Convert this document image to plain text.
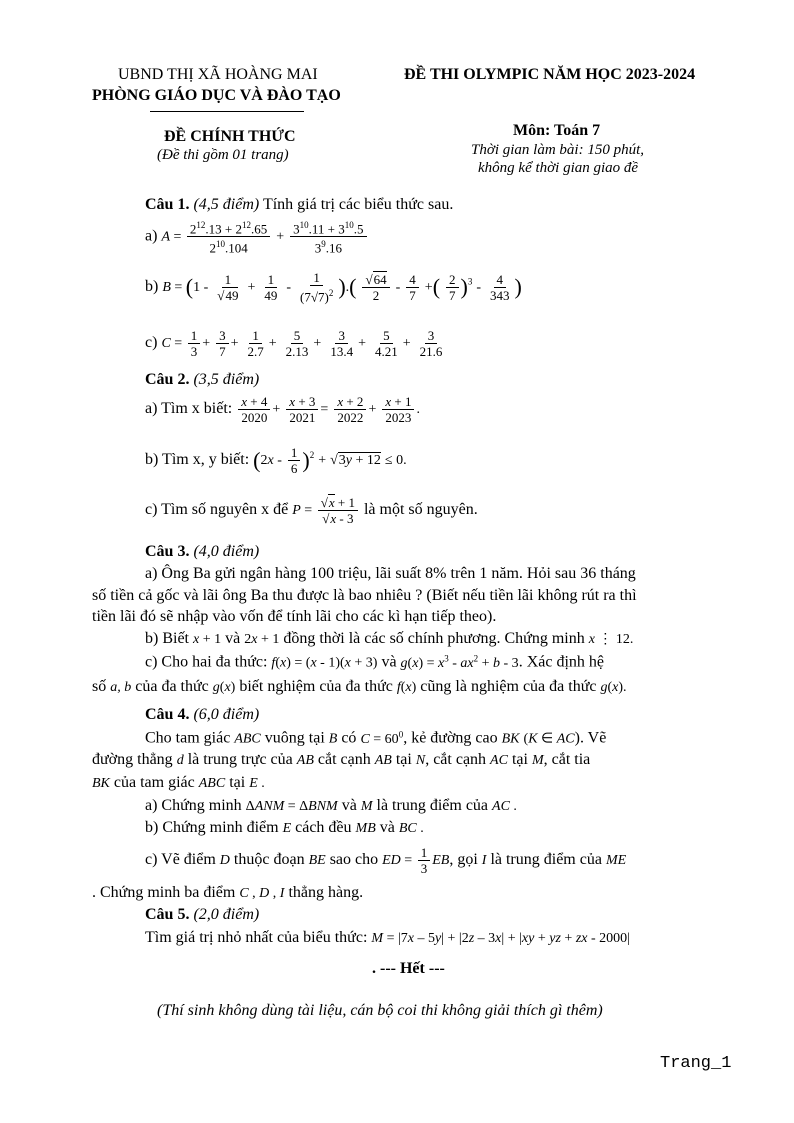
UBND THỊ XÃ HOÀNG MAI
PHÒNG GIÁO DỤC VÀ ĐÀO TẠO
ĐỀ THI OLYMPIC NĂM HỌC 2023-2024
ĐỀ CHÍNH THỨC
(Đề thi gồm 01 trang)
Môn: Toán 7
Thời gian làm bài: 150 phút,
không kể thời gian giao đề
Câu 1. (4,5 điểm) Tính giá trị các biểu thức sau.
a) $A = \frac{2^{12}.13 + 2^{12}.65}{2^{10}.104} + \frac{3^{10}.11 + 3^{10}.5}{3^9.16}$
b) $B = (1 - \frac{1}{√49} + \frac{1}{49} - \frac{1}{(7√7)^2}$ ).( $\frac{√64}{2} - \frac{4}{7}$ +( $\frac{2}{7} )^3 - \frac{4}{343}$ )
c) $C = \frac{1}{3} + \frac{3}{7} + \frac{1}{2.7} + \frac{5}{2.13} + \frac{3}{13.4} + \frac{5}{4.21} + \frac{3}{21.6}$
Câu 2. (3,5 điểm)
a) Tìm x biết: $\frac{x + 4}{2020} + \frac{x + 3}{2021} = \frac{x + 2}{2022} + \frac{x + 1}{2023}$ .
b) Tìm x, y biết: $(2x - \frac{1}{6} )^2 + √3y + 12 \le 0$.
c) Tìm số nguyên x để $P = \frac{√x + 1}{√x - 3}$ là một số nguyên.
Câu 3. (4,0 điểm)
a) Ông Ba gửi ngân hàng 100 triệu, lãi suất 8% trên 1 năm. Hỏi sau 36 tháng
số tiền cả gốc và lãi ông Ba thu được là bao nhiêu ? (Biết nếu tiền lãi không rút ra thì
tiền lãi đó sẽ nhập vào vốn để tính lãi cho các kì hạn tiếp theo).
b) Biết x + 1 và 2x + 1 đồng thời là các số chính phương. Chứng minh x ⋮ 12.
c) Cho hai đa thức: f(x) = (x - 1)(x + 3) và $g(x) = x^3 - ax^2 + b - 3$. Xác định hệ
số a, b của đa thức g(x) biết nghiệm của đa thức f(x) cũng là nghiệm của đa thức g(x).
Câu 4. (6,0 điểm)
Cho tam giác ABC vuông tại B có $C = 60^0$, kẻ đường cao BK (K ∈ AC). Vẽ
đường thẳng d là trung trực của AB cắt cạnh AB tại N, cắt cạnh AC tại M, cắt tia
BK của tam giác ABC tại E .
a) Chứng minh ΔANM = ΔBNM và M là trung điểm của AC .
b) Chứng minh điểm E cách đều MB và BC .
c) Vẽ điểm D thuộc đoạn BE sao cho ED = $\frac{1}{3}$ EB, gọi I là trung điểm của ME
. Chứng minh ba điểm C , D , I thẳng hàng.
Câu 5. (2,0 điểm)
Tìm giá trị nhỏ nhất của biểu thức: M = |7x – 5y| + |2z – 3x| + |xy + yz + zx - 2000|
. --- Hết ---
(Thí sinh không dùng tài liệu, cán bộ coi thi không giải thích gì thêm)
Trang_1
